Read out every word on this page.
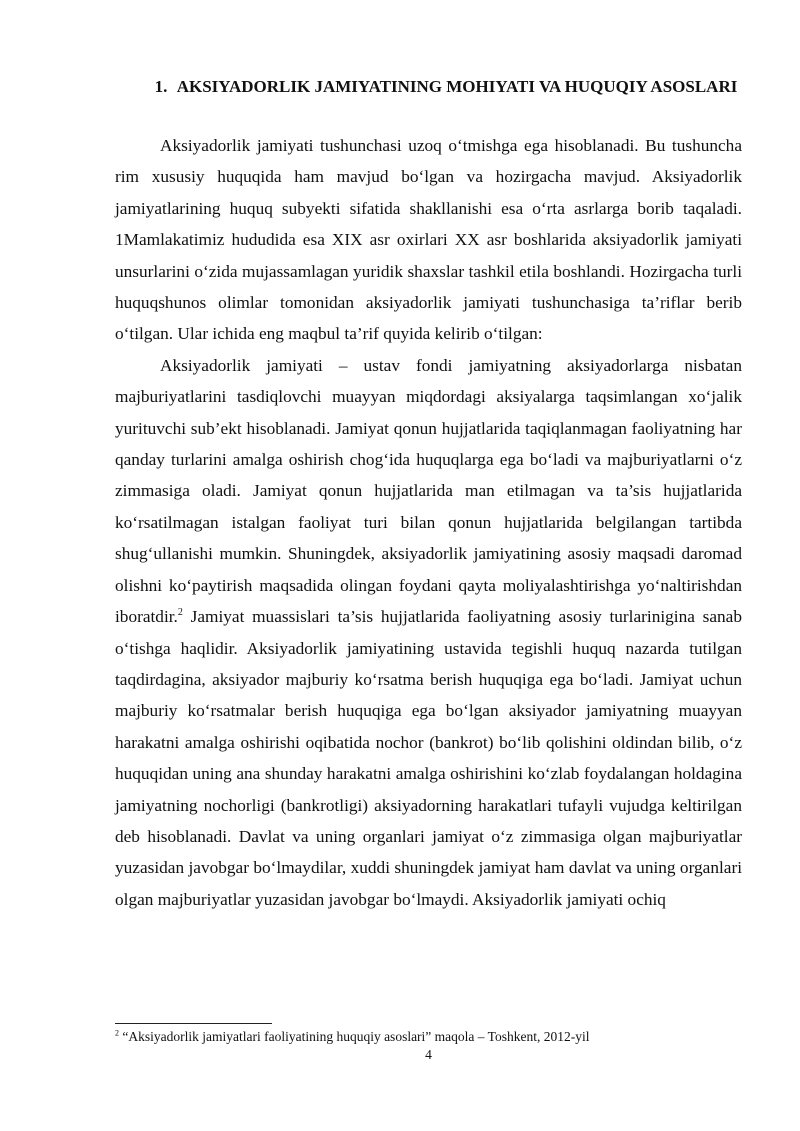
1. AKSIYADORLIK JAMIYATINING MOHIYATI VA HUQUQIY ASOSLARI

Aksiyadorlik jamiyati tushunchasi uzoq o‘tmishga ega hisoblanadi. Bu tushuncha rim xususiy huquqida ham mavjud bo‘lgan va hozirgacha mavjud. Aksiyadorlik jamiyatlarining huquq subyekti sifatida shakllanishi esa o‘rta asrlarga borib taqaladi. 1Mamlakatimiz hududida esa XIX asr oxirlari XX asr boshlarida aksiyadorlik jamiyati unsurlarini o‘zida mujassamlagan yuridik shaxslar tashkil etila boshlandi. Hozirgacha turli huquqshunos olimlar tomonidan aksiyadorlik jamiyati tushunchasiga ta’riflar berib o‘tilgan. Ular ichida eng maqbul ta’rif quyida kelirib o‘tilgan:

Aksiyadorlik jamiyati – ustav fondi jamiyatning aksiyadorlarga nisbatan majburiyatlarini tasdiqlovchi muayyan miqdordagi aksiyalarga taqsimlangan xo‘jalik yurituvchi sub’ekt hisoblanadi. Jamiyat qonun hujjatlarida taqiqlanmagan faoliyatning har qanday turlarini amalga oshirish chog‘ida huquqlarga ega bo‘ladi va majburiyatlarni o‘z zimmasiga oladi. Jamiyat qonun hujjatlarida man etilmagan va ta’sis hujjatlarida ko‘rsatilmagan istalgan faoliyat turi bilan qonun hujjatlarida belgilangan tartibda shug‘ullanishi mumkin. Shuningdek, aksiyadorlik jamiyatining asosiy maqsadi daromad olishni ko‘paytirish maqsadida olingan foydani qayta moliyalashtirishga yo‘naltirishdan iboratdir.$^2$ Jamiyat muassislari ta’sis hujjatlarida faoliyatning asosiy turlarinigina sanab o‘tishga haqlidir. Aksiyadorlik jamiyatining ustavida tegishli huquq nazarda tutilgan taqdirdagina, aksiyador majburiy ko‘rsatma berish huquqiga ega bo‘ladi. Jamiyat uchun majburiy ko‘rsatmalar berish huquqiga ega bo‘lgan aksiyador jamiyatning muayyan harakatni amalga oshirishi oqibatida nochor (bankrot) bo‘lib qolishini oldindan bilib, o‘z huquqidan uning ana shunday harakatni amalga oshirishini ko‘zlab foydalangan holdagina jamiyatning nochorligi (bankrotligi) aksiyadorning harakatlari tufayli vujudga keltirilgan deb hisoblanadi. Davlat va uning organlari jamiyat o‘z zimmasiga olgan majburiyatlar yuzasidan javobgar bo‘lmaydilar, xuddi shuningdek jamiyat ham davlat va uning organlari olgan majburiyatlar yuzasidan javobgar bo‘lmaydi. Aksiyadorlik jamiyati ochiq

$^2$ “Aksiyadorlik jamiyatlari faoliyatining huquqiy asoslari” maqola – Toshkent, 2012-yil
4
